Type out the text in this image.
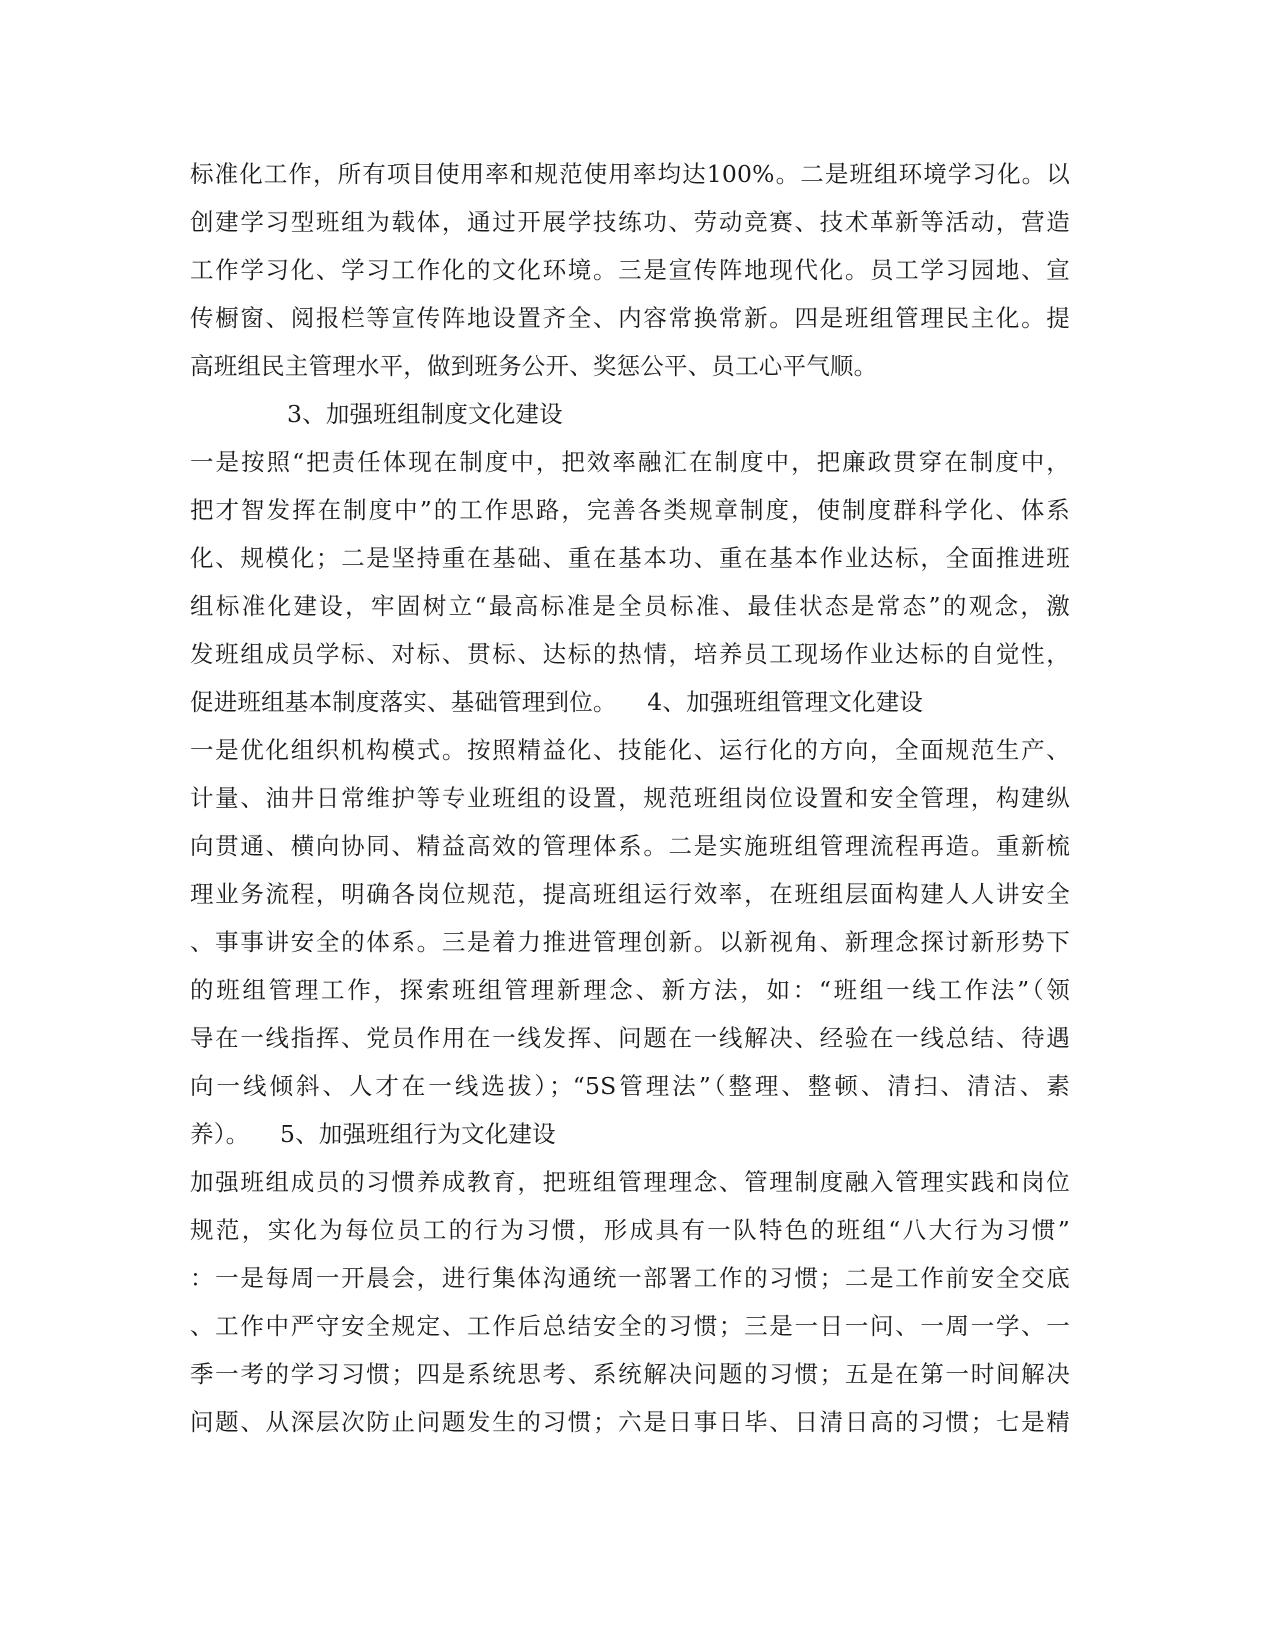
标准化工作，所有项目使用率和规范使用率均达100%。二是班组环境学习化。以
创建学习型班组为载体，通过开展学技练功、劳动竞赛、技术革新等活动，营造
工作学习化、学习工作化的文化环境。三是宣传阵地现代化。员工学习园地、宣
传橱窗、阅报栏等宣传阵地设置齐全、内容常换常新。四是班组管理民主化。提
高班组民主管理水平，做到班务公开、奖惩公平、员工心平气顺。
3、加强班组制度文化建设
一是按照“把责任体现在制度中，把效率融汇在制度中，把廉政贯穿在制度中，
把才智发挥在制度中”的工作思路，完善各类规章制度，使制度群科学化、体系
化、规模化；二是坚持重在基础、重在基本功、重在基本作业达标，全面推进班
组标准化建设，牢固树立“最高标准是全员标准、最佳状态是常态”的观念，激
发班组成员学标、对标、贯标、达标的热情，培养员工现场作业达标的自觉性，
促进班组基本制度落实、基础管理到位。    4、加强班组管理文化建设
一是优化组织机构模式。按照精益化、技能化、运行化的方向，全面规范生产、
计量、油井日常维护等专业班组的设置，规范班组岗位设置和安全管理，构建纵
向贯通、横向协同、精益高效的管理体系。二是实施班组管理流程再造。重新梳
理业务流程，明确各岗位规范，提高班组运行效率，在班组层面构建人人讲安全
、事事讲安全的体系。三是着力推进管理创新。以新视角、新理念探讨新形势下
的班组管理工作，探索班组管理新理念、新方法，如：“班组一线工作法”（领
导在一线指挥、党员作用在一线发挥、问题在一线解决、经验在一线总结、待遇
向一线倾斜、人才在一线选拔）；“5S管理法”（整理、整顿、清扫、清洁、素
养）。    5、加强班组行为文化建设
加强班组成员的习惯养成教育，把班组管理理念、管理制度融入管理实践和岗位
规范，实化为每位员工的行为习惯，形成具有一队特色的班组“八大行为习惯”
：一是每周一开晨会，进行集体沟通统一部署工作的习惯；二是工作前安全交底
、工作中严守安全规定、工作后总结安全的习惯；三是一日一问、一周一学、一
季一考的学习习惯；四是系统思考、系统解决问题的习惯；五是在第一时间解决
问题、从深层次防止问题发生的习惯；六是日事日毕、日清日高的习惯；七是精
